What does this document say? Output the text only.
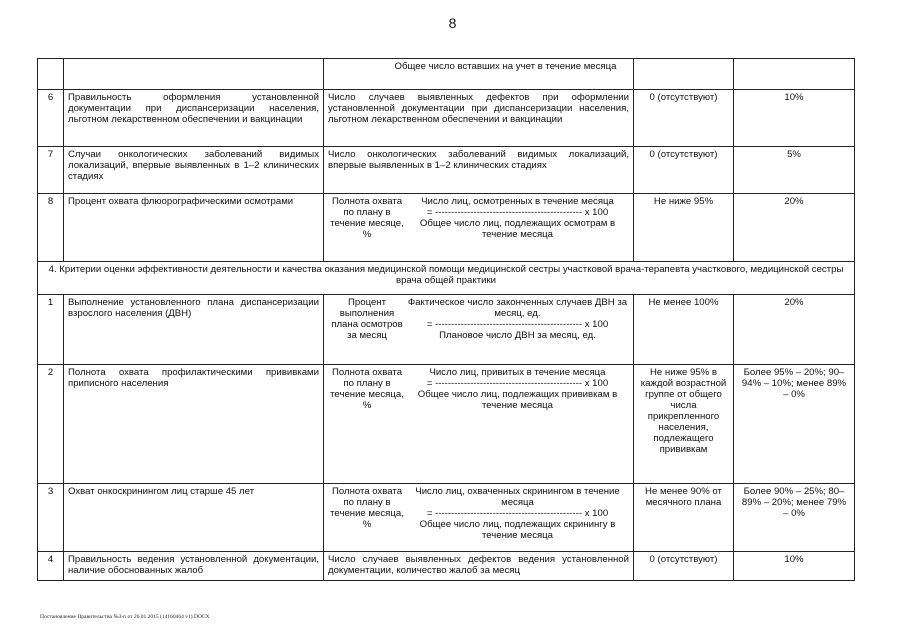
8
		Общее число вставших на учет в течение месяца		
6	Правильность оформления установленной документации при диспансеризации населения, льготном лекарственном обеспечении и вакцинации	Число случаев выявленных дефектов при оформлении установленной документации при диспансеризации населения, льготном лекарственном обеспечении и вакцинации	0 (отсутствуют)	10%
7	Случаи онкологических заболеваний видимых локализаций, впервые выявленных в 1–2 клинических стадиях	Число онкологических заболеваний видимых локализаций, впервые выявленных в 1–2 клинических стадиях	0 (отсутствуют)	5%
8	Процент охвата флюорографическими осмотрами	Полнота охвата по плану в течение месяце, %
Число лиц, осмотренных в течение месяца
= ---------------------------------------------- х 100
Общее число лиц, подлежащих осмотрам в течение месяца	Не ниже 95%	20%
4. Критерии оценки эффективности деятельности и качества оказания медицинской помощи медицинской сестры участковой врача-терапевта участкового, медицинской сестры врача общей практики				
1	Выполнение установленного плана диспансеризации взрослого населения (ДВН)	Процент выполнения плана осмотров за месяц
Фактическое число законченных случаев ДВН за месяц, ед.
= ---------------------------------------------- х 100
Плановое число ДВН за месяц, ед.	Не менее 100%	20%
2	Полнота охвата профилактическими прививками приписного населения	Полнота охвата по плану в течение месяца, %
Число лиц, привитых в течение месяца
= ---------------------------------------------- х 100
Общее число лиц, подлежащих прививкам в течение месяца	Не ниже 95% в каждой возрастной группе от общего числа прикрепленного населения, подлежащего прививкам	Более 95% – 20%; 90–94% – 10%; менее 89% – 0%
3	Охват онкоскринингом лиц старше 45 лет	Полнота охвата по плану в течение месяца, %
Число лиц, охваченных скринингом в течение месяца
= ---------------------------------------------- х 100
Общее число лиц, подлежащих скринингу в течение месяца	Не менее 90% от месячного плана	Более 90% – 25%; 80–89% – 20%; менее 79% – 0%
4	Правильность ведения установленной документации, наличие обоснованных жалоб	Число случаев выявленных дефектов ведения установленной документации, количество жалоб за месяц	0 (отсутствуют)	10%
Постановление Правительства №3-п от 26.01.2015 (14160464 v1).DOCX
